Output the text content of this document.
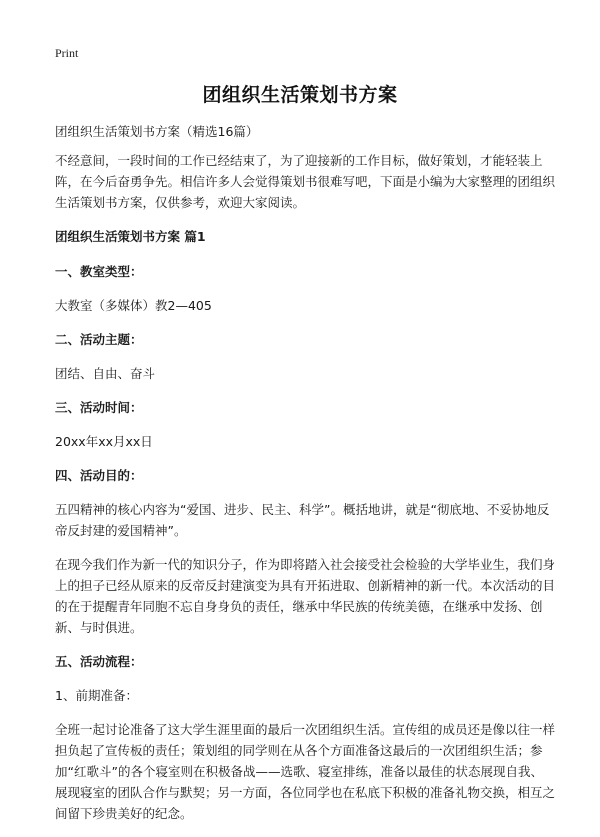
Print
团组织生活策划书方案

团组织生活策划书方案（精选16篇）

不经意间，一段时间的工作已经结束了，为了迎接新的工作目标，做好策划，才能轻装上阵，在今后奋勇争先。相信许多人会觉得策划书很难写吧，下面是小编为大家整理的团组织生活策划书方案，仅供参考，欢迎大家阅读。

团组织生活策划书方案 篇1

一、教室类型：

大教室（多媒体）教2—405

二、活动主题：

团结、自由、奋斗

三、活动时间：

20xx年xx月xx日

四、活动目的：

五四精神的核心内容为“爱国、进步、民主、科学”。概括地讲，就是“彻底地、不妥协地反帝反封建的爱国精神”。

在现今我们作为新一代的知识分子，作为即将踏入社会接受社会检验的大学毕业生，我们身上的担子已经从原来的反帝反封建演变为具有开拓进取、创新精神的新一代。本次活动的目的在于提醒青年同胞不忘自身身负的责任，继承中华民族的传统美德，在继承中发扬、创新、与时俱进。

五、活动流程：

1、前期准备：

全班一起讨论准备了这大学生涯里面的最后一次团组织生活。宣传组的成员还是像以往一样担负起了宣传板的责任；策划组的同学则在从各个方面准备这最后的一次团组织生活；参加“红歌斗”的各个寝室则在积极备战——选歌、寝室排练，准备以最佳的状态展现自我、展现寝室的团队合作与默契；另一方面，各位同学也在私底下积极的准备礼物交换，相互之间留下珍贵美好的纪念。
